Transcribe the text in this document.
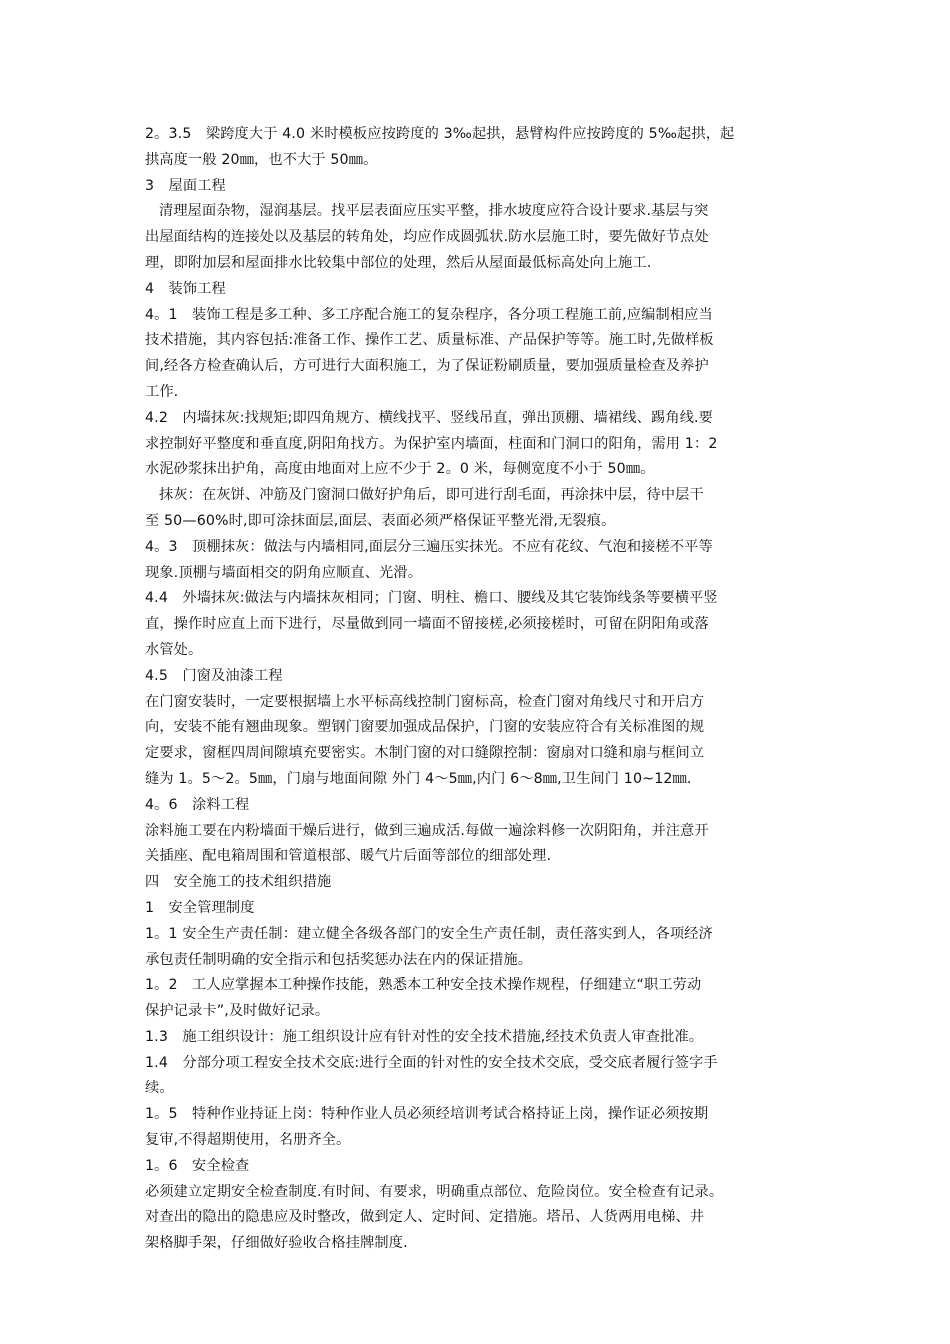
2。3.5　梁跨度大于 4.0 米时模板应按跨度的 3‰起拱，悬臂构件应按跨度的 5‰起拱，起
拱高度一般 20㎜，也不大于 50㎜。

3　屋面工程

清理屋面杂物，湿润基层。找平层表面应压实平整，排水坡度应符合设计要求.基层与突
出屋面结构的连接处以及基层的转角处，均应作成圆弧状.防水层施工时，要先做好节点处
理，即附加层和屋面排水比较集中部位的处理，然后从屋面最低标高处向上施工.

4　装饰工程

4。1　装饰工程是多工种、多工序配合施工的复杂程序，各分项工程施工前,应编制相应当
技术措施，其内容包括:准备工作、操作工艺、质量标准、产品保护等等。施工时,先做样板
间,经各方检查确认后，方可进行大面积施工，为了保证粉刷质量，要加强质量检查及养护
工作.

4.2　内墙抹灰:找规矩;即四角规方、横线找平、竖线吊直，弹出顶棚、墙裙线、踢角线.要
求控制好平整度和垂直度,阴阳角找方。为保护室内墙面，柱面和门洞口的阳角，需用 1：2
水泥砂浆抹出护角，高度由地面对上应不少于 2。0 米，每侧宽度不小于 50㎜。

抹灰：在灰饼、冲筋及门窗洞口做好护角后，即可进行刮毛面，再涂抹中层，待中层干
至 50—60%时,即可涂抹面层,面层、表面必须严格保证平整光滑,无裂痕。

4。3　顶棚抹灰：做法与内墙相同,面层分三遍压实抹光。不应有花纹、气泡和接槎不平等
现象.顶棚与墙面相交的阴角应顺直、光滑。

4.4　外墙抹灰:做法与内墙抹灰相同；门窗、明柱、檐口、腰线及其它装饰线条等要横平竖
直，操作时应直上而下进行，尽量做到同一墙面不留接槎,必须接槎时，可留在阴阳角或落
水管处。

4.5　门窗及油漆工程

在门窗安装时，一定要根据墙上水平标高线控制门窗标高，检查门窗对角线尺寸和开启方
向，安装不能有翘曲现象。塑钢门窗要加强成品保护，门窗的安装应符合有关标准图的规
定要求，窗框四周间隙填充要密实。木制门窗的对口缝隙控制：窗扇对口缝和扇与框间立
缝为 1。5～2。5㎜，门扇与地面间隙 外门 4～5㎜,内门 6～8㎜,卫生间门 10~12㎜.

4。6　涂料工程

涂料施工要在内粉墙面干燥后进行，做到三遍成活.每做一遍涂料修一次阴阳角，并注意开
关插座、配电箱周围和管道根部、暖气片后面等部位的细部处理.

四　安全施工的技术组织措施

1　安全管理制度

1。1 安全生产责任制：建立健全各级各部门的安全生产责任制，责任落实到人，各项经济
承包责任制明确的安全指示和包括奖惩办法在内的保证措施。

1。2　工人应掌握本工种操作技能，熟悉本工种安全技术操作规程，仔细建立“职工劳动
保护记录卡”,及时做好记录。

1.3　施工组织设计：施工组织设计应有针对性的安全技术措施,经技术负责人审查批准。

1.4　分部分项工程安全技术交底:进行全面的针对性的安全技术交底，受交底者履行签字手
续。

1。5　特种作业持证上岗：特种作业人员必须经培训考试合格持证上岗，操作证必须按期
复审,不得超期使用，名册齐全。

1。6　安全检查

必须建立定期安全检查制度.有时间、有要求，明确重点部位、危险岗位。安全检查有记录。
对查出的隐出的隐患应及时整改，做到定人、定时间、定措施。塔吊、人货两用电梯、井
架格脚手架，仔细做好验收合格挂牌制度.
